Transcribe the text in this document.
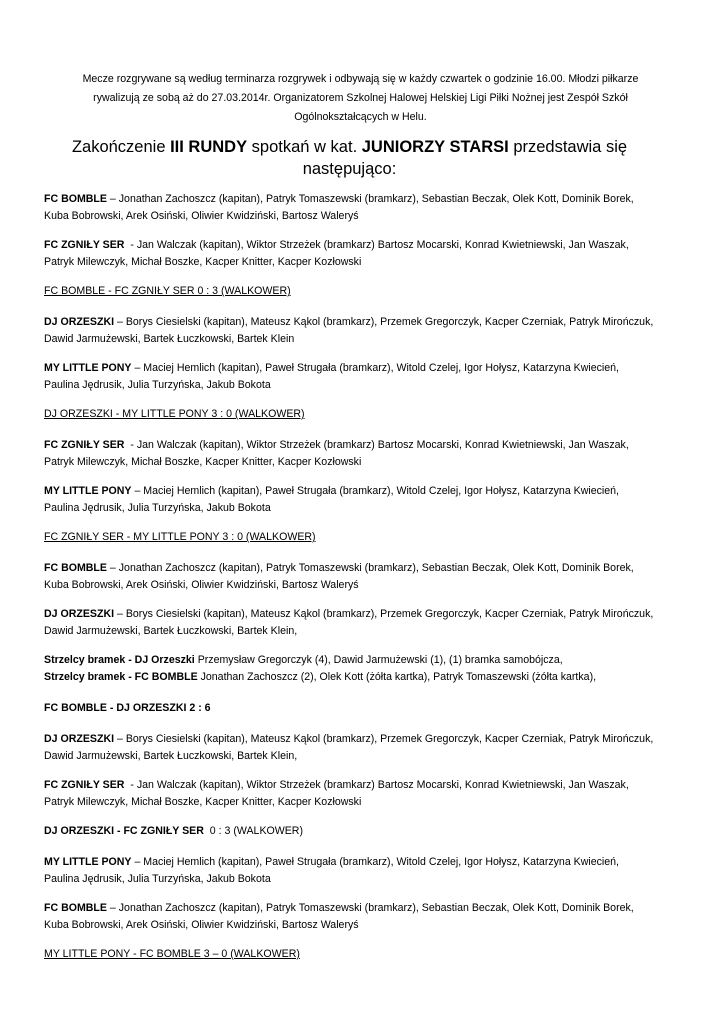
Mecze rozgrywane są według terminarza rozgrywek i odbywają się w każdy czwartek o godzinie 16.00. Młodzi piłkarze rywalizują ze sobą aż do 27.03.2014r. Organizatorem Szkolnej Halowej Helskiej Ligi Piłki Nożnej jest Zespół Szkół Ogólnokształcących w Helu.
Zakończenie III RUNDY spotkań w kat. JUNIORZY STARSI przedstawia się następująco:
FC BOMBLE – Jonathan Zachoszcz (kapitan), Patryk Tomaszewski (bramkarz), Sebastian Beczak, Olek Kott, Dominik Borek, Kuba Bobrowski, Arek Osiński, Oliwier Kwidziński, Bartosz Waleryś
FC ZGNIŁY SER  - Jan Walczak (kapitan), Wiktor Strzeżek (bramkarz) Bartosz Mocarski, Konrad Kwietniewski, Jan Waszak, Patryk Milewczyk, Michał Boszke, Kacper Knitter, Kacper Kozłowski
FC BOMBLE - FC ZGNIŁY SER 0 : 3 (WALKOWER)
DJ ORZESZKI – Borys Ciesielski (kapitan), Mateusz Kąkol (bramkarz), Przemek Gregorczyk, Kacper Czerniak, Patryk Mirończuk, Dawid Jarmużewski, Bartek Łuczkowski, Bartek Klein
MY LITTLE PONY – Maciej Hemlich (kapitan), Paweł Strugała (bramkarz), Witold Czelej, Igor Hołysz, Katarzyna Kwiecień, Paulina Jędrusik, Julia Turzyńska, Jakub Bokota
DJ ORZESZKI - MY LITTLE PONY 3 : 0 (WALKOWER)
FC ZGNIŁY SER  - Jan Walczak (kapitan), Wiktor Strzeżek (bramkarz) Bartosz Mocarski, Konrad Kwietniewski, Jan Waszak, Patryk Milewczyk, Michał Boszke, Kacper Knitter, Kacper Kozłowski
MY LITTLE PONY – Maciej Hemlich (kapitan), Paweł Strugała (bramkarz), Witold Czelej, Igor Hołysz, Katarzyna Kwiecień, Paulina Jędrusik, Julia Turzyńska, Jakub Bokota
FC ZGNIŁY SER - MY LITTLE PONY 3 : 0 (WALKOWER)
FC BOMBLE – Jonathan Zachoszcz (kapitan), Patryk Tomaszewski (bramkarz), Sebastian Beczak, Olek Kott, Dominik Borek, Kuba Bobrowski, Arek Osiński, Oliwier Kwidziński, Bartosz Waleryś
DJ ORZESZKI – Borys Ciesielski (kapitan), Mateusz Kąkol (bramkarz), Przemek Gregorczyk, Kacper Czerniak, Patryk Mirończuk, Dawid Jarmużewski, Bartek Łuczkowski, Bartek Klein,
Strzelcy bramek - DJ Orzeszki Przemysław Gregorczyk (4), Dawid Jarmużewski (1), (1) bramka samobójcza,
Strzelcy bramek - FC BOMBLE Jonathan Zachoszcz (2), Olek Kott (żółta kartka), Patryk Tomaszewski (żółta kartka),
FC BOMBLE - DJ ORZESZKI 2 : 6
DJ ORZESZKI – Borys Ciesielski (kapitan), Mateusz Kąkol (bramkarz), Przemek Gregorczyk, Kacper Czerniak, Patryk Mirończuk, Dawid Jarmużewski, Bartek Łuczkowski, Bartek Klein,
FC ZGNIŁY SER  - Jan Walczak (kapitan), Wiktor Strzeżek (bramkarz) Bartosz Mocarski, Konrad Kwietniewski, Jan Waszak, Patryk Milewczyk, Michał Boszke, Kacper Knitter, Kacper Kozłowski
DJ ORZESZKI - FC ZGNIŁY SER  0 : 3 (WALKOWER)
MY LITTLE PONY – Maciej Hemlich (kapitan), Paweł Strugała (bramkarz), Witold Czelej, Igor Hołysz, Katarzyna Kwiecień, Paulina Jędrusik, Julia Turzyńska, Jakub Bokota
FC BOMBLE – Jonathan Zachoszcz (kapitan), Patryk Tomaszewski (bramkarz), Sebastian Beczak, Olek Kott, Dominik Borek, Kuba Bobrowski, Arek Osiński, Oliwier Kwidziński, Bartosz Waleryś
MY LITTLE PONY - FC BOMBLE 3 – 0 (WALKOWER)
